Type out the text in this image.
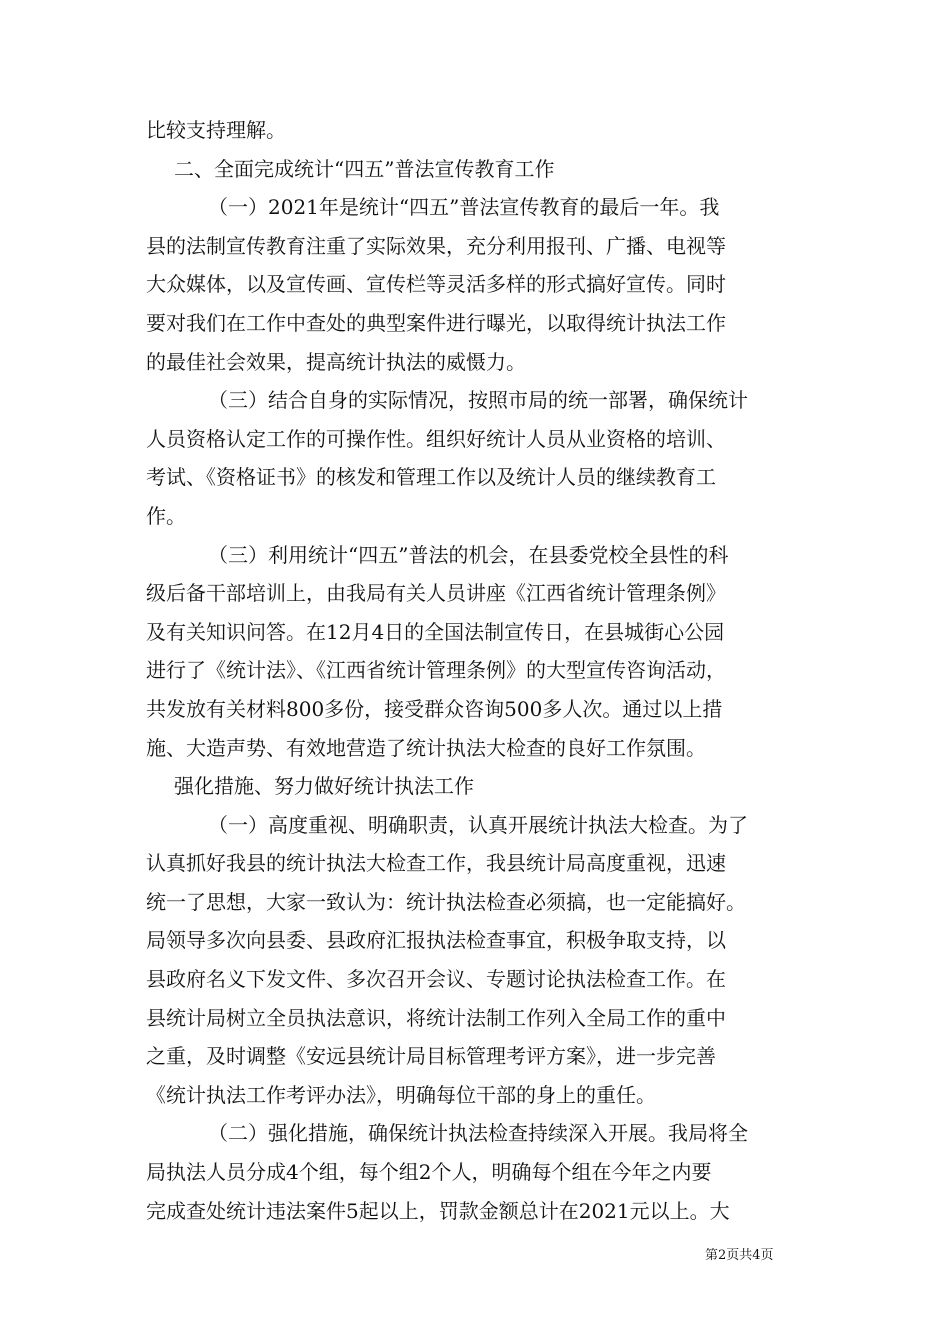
比较支持理解。
二、全面完成统计“四五”普法宣传教育工作
（一）2021年是统计“四五”普法宣传教育的最后一年。我
县的法制宣传教育注重了实际效果，充分利用报刊、广播、电视等
大众媒体，以及宣传画、宣传栏等灵活多样的形式搞好宣传。同时
要对我们在工作中查处的典型案件进行曝光，以取得统计执法工作
的最佳社会效果，提高统计执法的威慑力。
（三）结合自身的实际情况，按照市局的统一部署，确保统计
人员资格认定工作的可操作性。组织好统计人员从业资格的培训、
考试、《资格证书》的核发和管理工作以及统计人员的继续教育工
作。
（三）利用统计“四五”普法的机会，在县委党校全县性的科
级后备干部培训上，由我局有关人员讲座《江西省统计管理条例》
及有关知识问答。在12月4日的全国法制宣传日，在县城街心公园
进行了《统计法》、《江西省统计管理条例》的大型宣传咨询活动，
共发放有关材料800多份，接受群众咨询500多人次。通过以上措
施、大造声势、有效地营造了统计执法大检查的良好工作氛围。
强化措施、努力做好统计执法工作
（一）高度重视、明确职责，认真开展统计执法大检查。为了
认真抓好我县的统计执法大检查工作，我县统计局高度重视，迅速
统一了思想，大家一致认为：统计执法检查必须搞，也一定能搞好。
局领导多次向县委、县政府汇报执法检查事宜，积极争取支持，以
县政府名义下发文件、多次召开会议、专题讨论执法检查工作。在
县统计局树立全员执法意识，将统计法制工作列入全局工作的重中
之重，及时调整《安远县统计局目标管理考评方案》，进一步完善
《统计执法工作考评办法》，明确每位干部的身上的重任。
（二）强化措施，确保统计执法检查持续深入开展。我局将全
局执法人员分成4个组，每个组2个人，明确每个组在今年之内要
完成查处统计违法案件5起以上，罚款金额总计在2021元以上。大
第2页共4页
